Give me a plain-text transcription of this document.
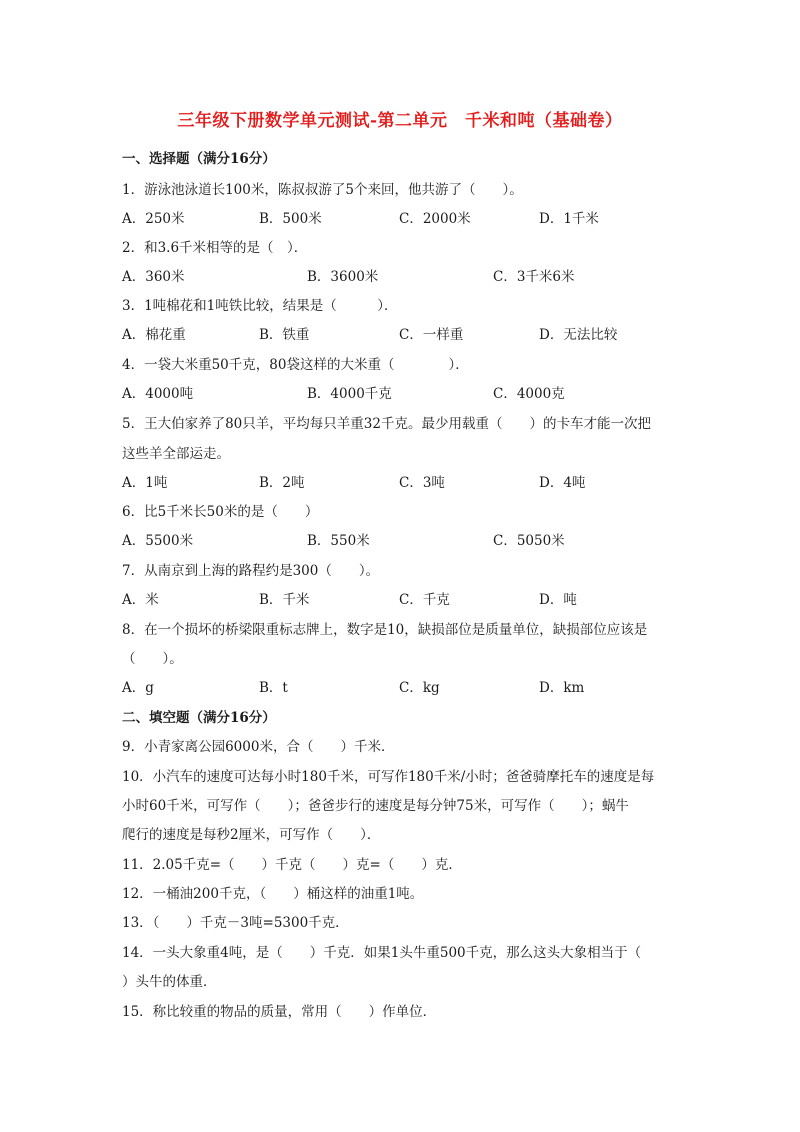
三年级下册数学单元测试-第二单元　千米和吨（基础卷）
一、选择题（满分16分）
1．游泳池泳道长100米，陈叔叔游了5个来回，他共游了（　　）。
A．250米	B．500米	C．2000米	D．1千米
2．和3.6千米相等的是（　）．
A．360米	B．3600米	C．3千米6米
3．1吨棉花和1吨铁比较，结果是（　　　）．
A．棉花重	B．铁重	C．一样重	D．无法比较
4．一袋大米重50千克，80袋这样的大米重（　　　　）．
A．4000吨	B．4000千克	C．4000克
5．王大伯家养了80只羊，平均每只羊重32千克。最少用载重（　　）的卡车才能一次把
这些羊全部运走。
A．1吨	B．2吨	C．3吨	D．4吨
6．比5千米长50米的是（　　）
A．5500米	B．550米	C．5050米
7．从南京到上海的路程约是300（　　）。
A．米	B．千米	C．千克	D．吨
8．在一个损坏的桥梁限重标志牌上，数字是10，缺损部位是质量单位，缺损部位应该是
（　　）。
A．g	B．t	C．kg	D．km
二、填空题（满分16分）
9．小青家离公园6000米，合（　　）千米．
10．小汽车的速度可达每小时180千米，可写作180千米/小时；爸爸骑摩托车的速度是每
小时60千米，可写作（　　）；爸爸步行的速度是每分钟75米，可写作（　　）；蜗牛
爬行的速度是每秒2厘米，可写作（　　）．
11．2.05千克=（　　）千克（　　）克=（　　）克．
12．一桶油200千克，（　　）桶这样的油重1吨。
13．（　　）千克－3吨=5300千克．
14．一头大象重4吨，是（　　）千克．如果1头牛重500千克，那么这头大象相当于（
）头牛的体重．
15．称比较重的物品的质量，常用（　　）作单位．
